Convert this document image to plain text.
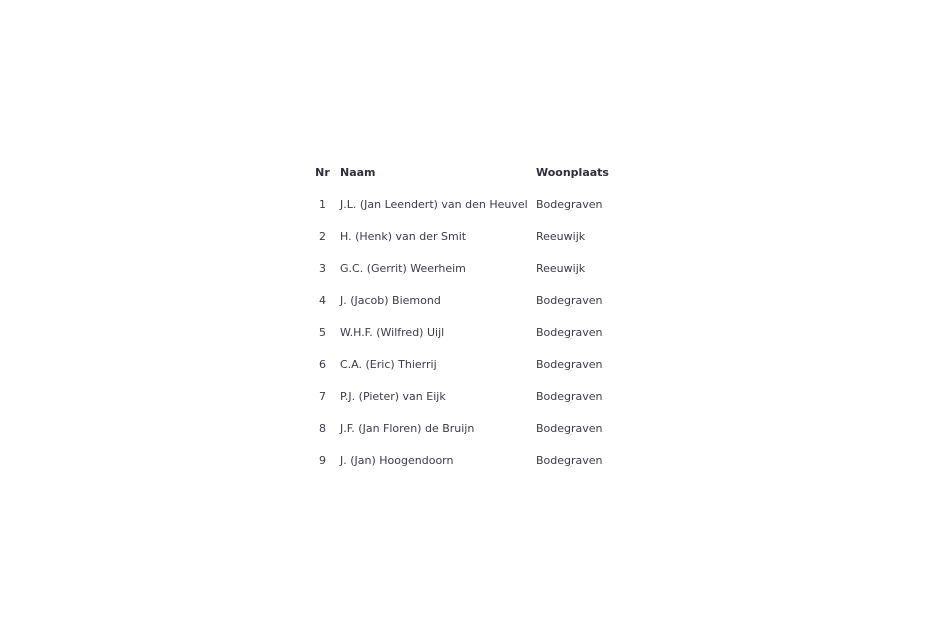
Nr	Naam	Woonplaats
1	J.L. (Jan Leendert) van den Heuvel	Bodegraven
2	H. (Henk) van der Smit	Reeuwijk
3	G.C. (Gerrit) Weerheim	Reeuwijk
4	J. (Jacob) Biemond	Bodegraven
5	W.H.F. (Wilfred) Uijl	Bodegraven
6	C.A. (Eric) Thierrij	Bodegraven
7	P.J. (Pieter) van Eijk	Bodegraven
8	J.F. (Jan Floren) de Bruijn	Bodegraven
9	J. (Jan) Hoogendoorn	Bodegraven
